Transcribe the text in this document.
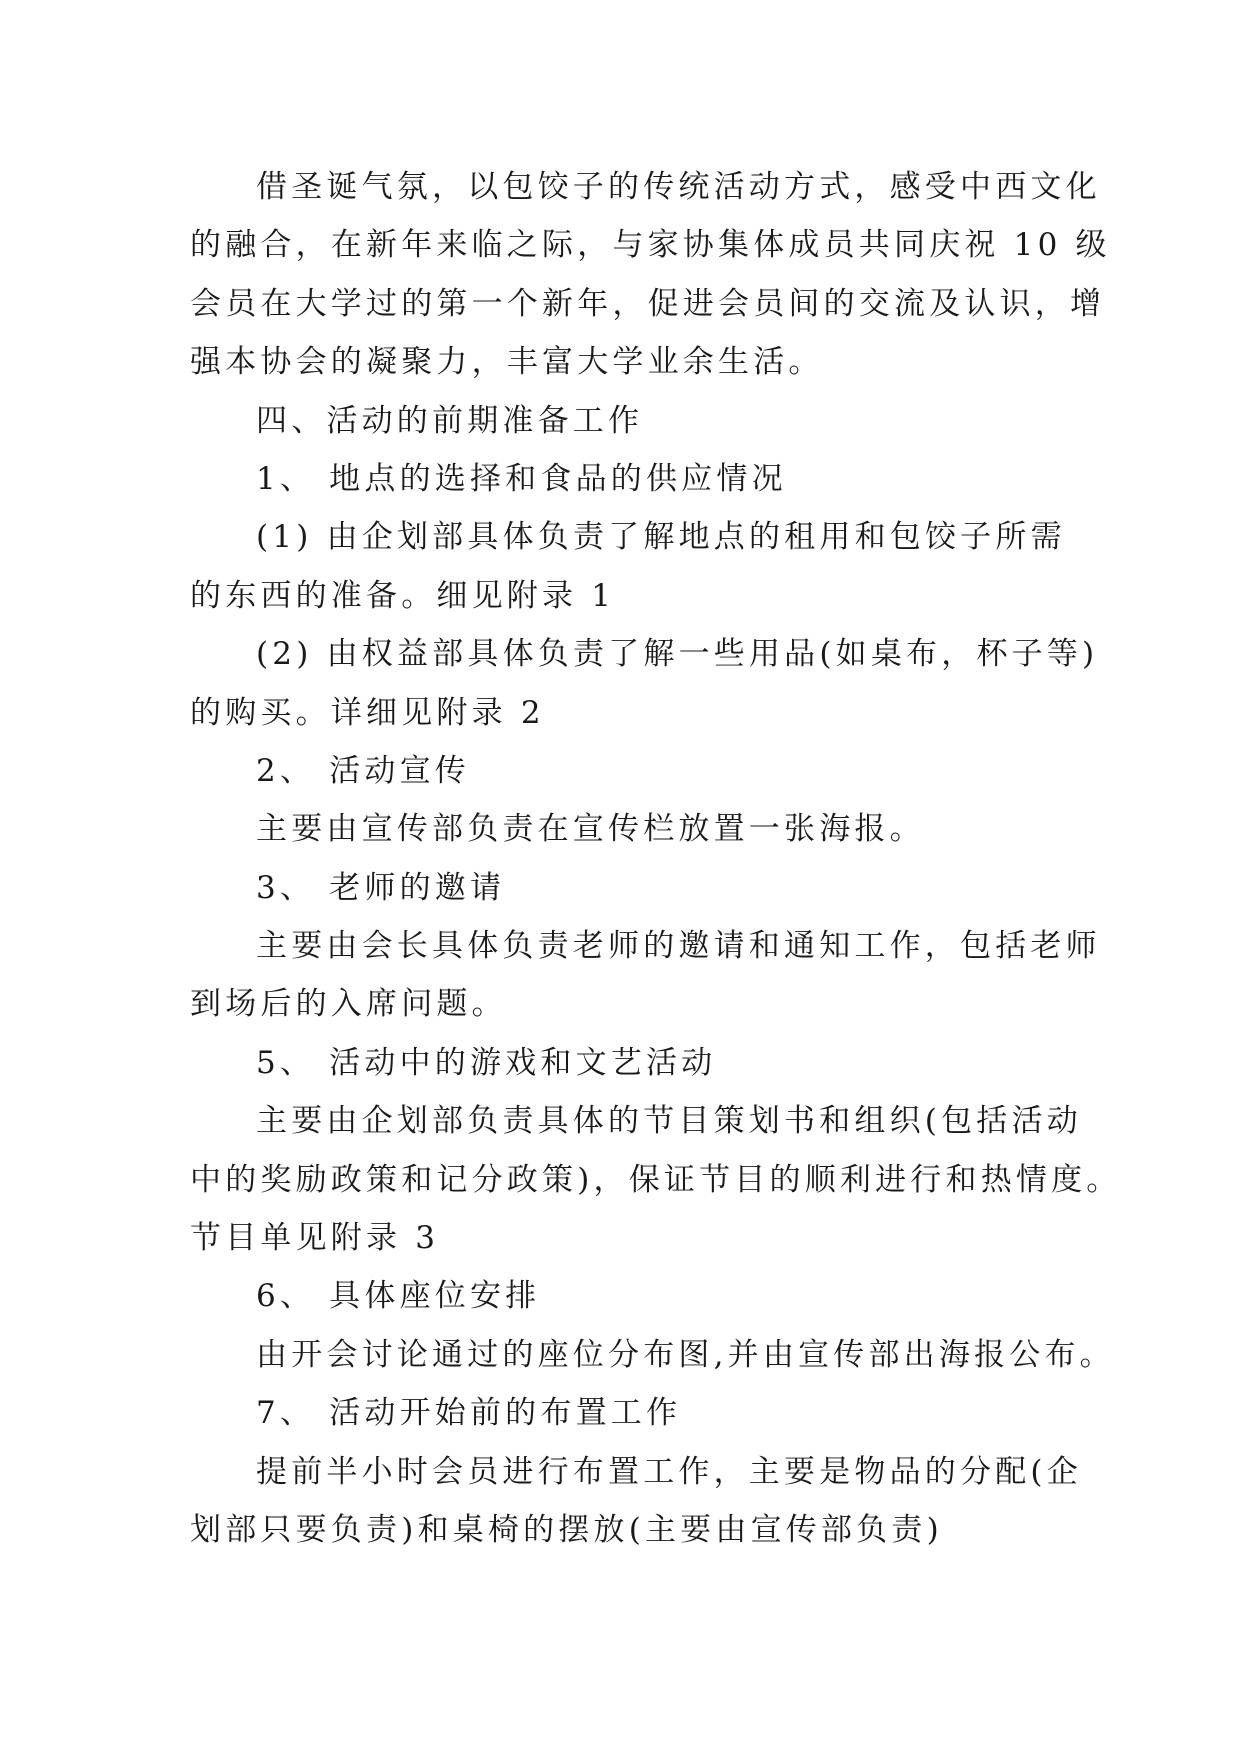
借圣诞气氛，以包饺子的传统活动方式，感受中西文化
的融合，在新年来临之际，与家协集体成员共同庆祝 10 级
会员在大学过的第一个新年，促进会员间的交流及认识，增
强本协会的凝聚力，丰富大学业余生活。
四、活动的前期准备工作
1、 地点的选择和食品的供应情况
(1) 由企划部具体负责了解地点的租用和包饺子所需
的东西的准备。细见附录 1
(2) 由权益部具体负责了解一些用品(如桌布，杯子等)
的购买。详细见附录 2
2、 活动宣传
主要由宣传部负责在宣传栏放置一张海报。
3、 老师的邀请
主要由会长具体负责老师的邀请和通知工作，包括老师
到场后的入席问题。
5、 活动中的游戏和文艺活动
主要由企划部负责具体的节目策划书和组织(包括活动
中的奖励政策和记分政策)，保证节目的顺利进行和热情度。
节目单见附录 3
6、 具体座位安排
由开会讨论通过的座位分布图,并由宣传部出海报公布。
7、 活动开始前的布置工作
提前半小时会员进行布置工作，主要是物品的分配(企
划部只要负责)和桌椅的摆放(主要由宣传部负责)
